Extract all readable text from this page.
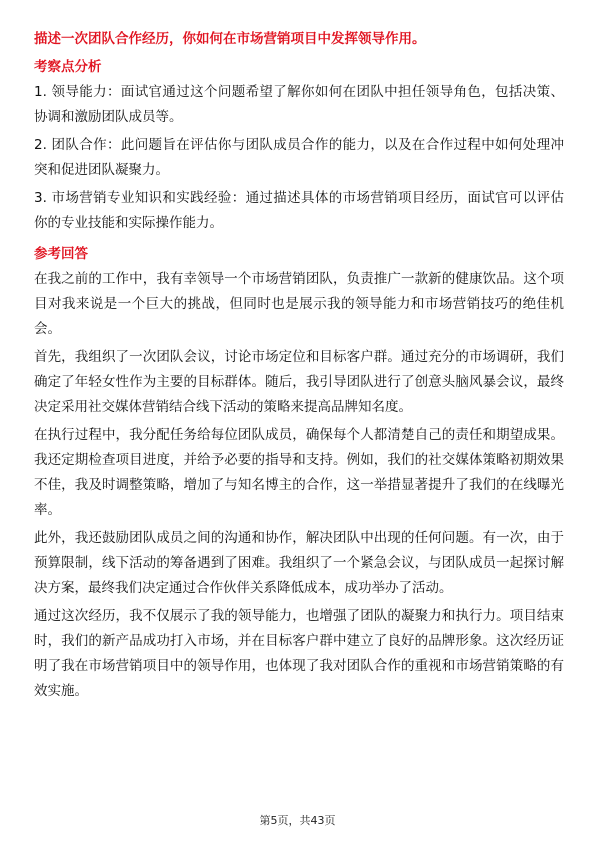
描述一次团队合作经历，你如何在市场营销项目中发挥领导作用。

考察点分析

1. 领导能力：面试官通过这个问题希望了解你如何在团队中担任领导角色，包括决策、协调和激励团队成员等。

2. 团队合作：此问题旨在评估你与团队成员合作的能力，以及在合作过程中如何处理冲突和促进团队凝聚力。

3. 市场营销专业知识和实践经验：通过描述具体的市场营销项目经历，面试官可以评估你的专业技能和实际操作能力。

参考回答

在我之前的工作中，我有幸领导一个市场营销团队，负责推广一款新的健康饮品。这个项目对我来说是一个巨大的挑战，但同时也是展示我的领导能力和市场营销技巧的绝佳机会。

首先，我组织了一次团队会议，讨论市场定位和目标客户群。通过充分的市场调研，我们确定了年轻女性作为主要的目标群体。随后，我引导团队进行了创意头脑风暴会议，最终决定采用社交媒体营销结合线下活动的策略来提高品牌知名度。

在执行过程中，我分配任务给每位团队成员，确保每个人都清楚自己的责任和期望成果。我还定期检查项目进度，并给予必要的指导和支持。例如，我们的社交媒体策略初期效果不佳，我及时调整策略，增加了与知名博主的合作，这一举措显著提升了我们的在线曝光率。

此外，我还鼓励团队成员之间的沟通和协作，解决团队中出现的任何问题。有一次，由于预算限制，线下活动的筹备遇到了困难。我组织了一个紧急会议，与团队成员一起探讨解决方案，最终我们决定通过合作伙伴关系降低成本，成功举办了活动。

通过这次经历，我不仅展示了我的领导能力，也增强了团队的凝聚力和执行力。项目结束时，我们的新产品成功打入市场，并在目标客户群中建立了良好的品牌形象。这次经历证明了我在市场营销项目中的领导作用，也体现了我对团队合作的重视和市场营销策略的有效实施。

第5页，共43页
